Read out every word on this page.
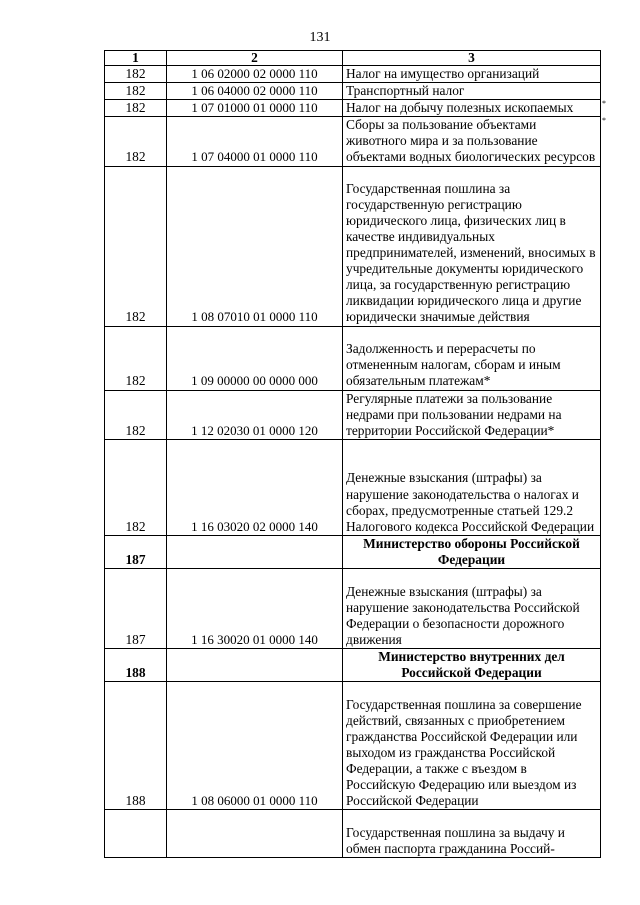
131
1	2	3
182	1 06 02000 02 0000 110	Налог на имущество организаций
182	1 06 04000 02 0000 110	Транспортный налог
182	1 07 01000 01 0000 110	Налог на добычу полезных ископаемых *

182	1 07 04000 01 0000 110	Сборы за пользование объектами животного мира и за пользование объектами водных биологических ресурсов
*

182	1 08 07010 01 0000 110	Государственная пошлина за государственную регистрацию юридического лица, физических лиц в качестве индивидуальных предпринимателей, изменений, вносимых в учредительные документы юридического лица, за государственную регистрацию ликвидации юридического лица и другие юридически значимые действия
182	1 09 00000 00 0000 000	Задолженность и перерасчеты по отмененным налогам, сборам и иным обязательным платежам*
182	1 12 02030 01 0000 120	Регулярные платежи за пользование недрами при пользовании недрами на территории Российской Федерации*
182	1 16 03020 02 0000 140	Денежные взыскания (штрафы) за нарушение законодательства о налогах и сборах, предусмотренные статьей 129.2 Налогового кодекса Российской Федерации
187		Министерство обороны Российской Федерации
187	1 16 30020 01 0000 140	Денежные взыскания (штрафы) за нарушение законодательства Российской Федерации о безопасности дорожного движения
188		Министерство внутренних дел Российской Федерации
188	1 08 06000 01 0000 110	Государственная пошлина за совершение действий, связанных с приобретением гражданства Российской Федерации или выходом из гражданства Российской Федерации, а также с въездом в Российскую Федерацию или выездом из Российской Федерации
		Государственная пошлина за выдачу и обмен паспорта гражданина Россий-
